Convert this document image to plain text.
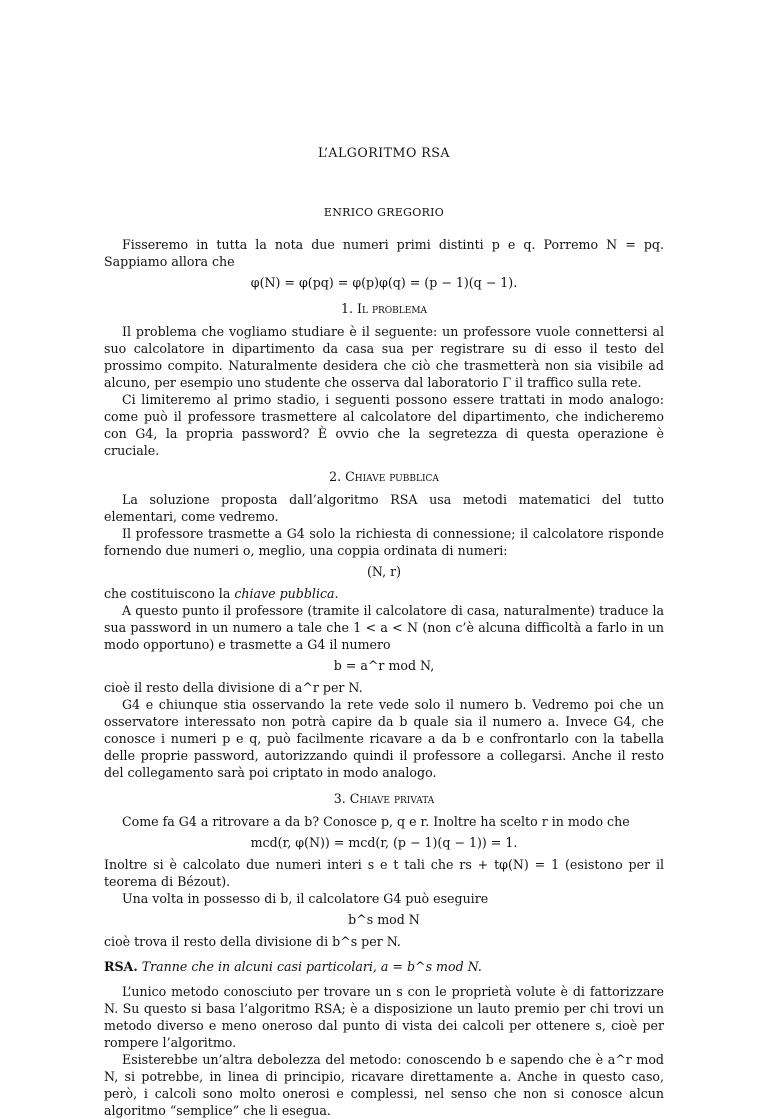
L’ALGORITMO RSA
ENRICO GREGORIO

Fisseremo in tutta la nota due numeri primi distinti p e q. Porremo N = pq. Sappiamo allora che

φ(N) = φ(pq) = φ(p)φ(q) = (p − 1)(q − 1).
1. Il problema

Il problema che vogliamo studiare è il seguente: un professore vuole connettersi al suo calcolatore in dipartimento da casa sua per registrare su di esso il testo del prossimo compito. Naturalmente desidera che ciò che trasmetterà non sia visibile ad alcuno, per esempio uno studente che osserva dal laboratorio Γ il traffico sulla rete.

Ci limiteremo al primo stadio, i seguenti possono essere trattati in modo analogo: come può il professore trasmettere al calcolatore del dipartimento, che indicheremo con G4, la propria password? È ovvio che la segretezza di questa operazione è cruciale.

2. Chiave pubblica

La soluzione proposta dall’algoritmo RSA usa metodi matematici del tutto elementari, come vedremo.

Il professore trasmette a G4 solo la richiesta di connessione; il calcolatore risponde fornendo due numeri o, meglio, una coppia ordinata di numeri:

(N, r)

che costituiscono la chiave pubblica.

A questo punto il professore (tramite il calcolatore di casa, naturalmente) traduce la sua password in un numero a tale che 1 < a < N (non c’è alcuna difficoltà a farlo in un modo opportuno) e trasmette a G4 il numero

b = a^r mod N,

cioè il resto della divisione di a^r per N.

G4 e chiunque stia osservando la rete vede solo il numero b. Vedremo poi che un osservatore interessato non potrà capire da b quale sia il numero a. Invece G4, che conosce i numeri p e q, può facilmente ricavare a da b e confrontarlo con la tabella delle proprie password, autorizzando quindi il professore a collegarsi. Anche il resto del collegamento sarà poi criptato in modo analogo.

3. Chiave privata

Come fa G4 a ritrovare a da b? Conosce p, q e r. Inoltre ha scelto r in modo che

mcd(r, φ(N)) = mcd(r, (p − 1)(q − 1)) = 1.

Inoltre si è calcolato due numeri interi s e t tali che rs + tφ(N) = 1 (esistono per il teorema di Bézout).

Una volta in possesso di b, il calcolatore G4 può eseguire

b^s mod N

cioè trova il resto della divisione di b^s per N.

RSA. Tranne che in alcuni casi particolari, a = b^s mod N.

L’unico metodo conosciuto per trovare un s con le proprietà volute è di fattorizzare N. Su questo si basa l’algoritmo RSA; è a disposizione un lauto premio per chi trovi un metodo diverso e meno oneroso dal punto di vista dei calcoli per ottenere s, cioè per rompere l’algoritmo.

Esisterebbe un’altra debolezza del metodo: conoscendo b e sapendo che è a^r mod N, si potrebbe, in linea di principio, ricavare direttamente a. Anche in questo caso, però, i calcoli sono molto onerosi e complessi, nel senso che non si conosce alcun algoritmo “semplice” che li esegua.
